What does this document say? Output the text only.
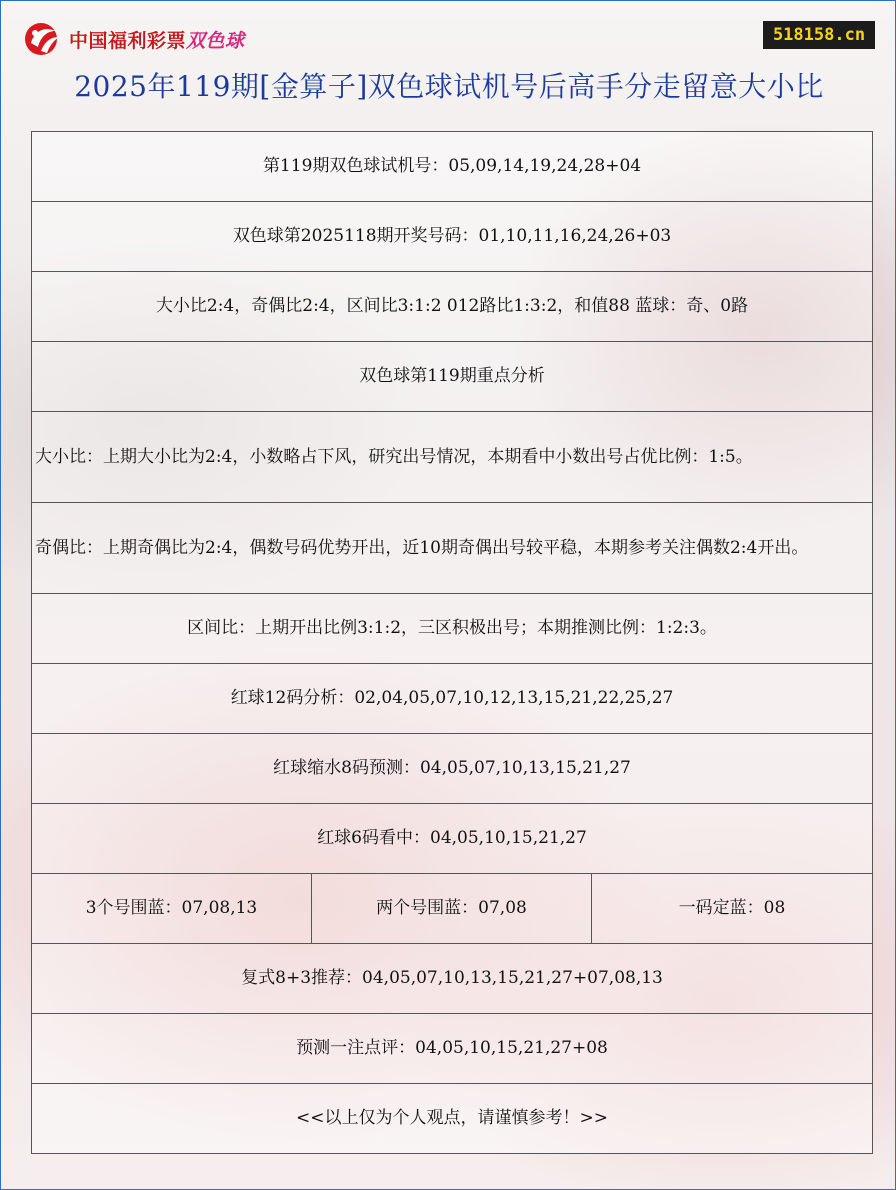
中国福利彩票双色球	518158.cn
2025年119期[金算子]双色球试机号后高手分走留意大小比
第119期双色球试机号：05,09,14,19,24,28+04
双色球第2025118期开奖号码：01,10,11,16,24,26+03
大小比2:4，奇偶比2:4，区间比3:1:2 012路比1:3:2，和值88 蓝球：奇、0路
双色球第119期重点分析
大小比：上期大小比为2:4，小数略占下风，研究出号情况，本期看中小数出号占优比例：1:5。
奇偶比：上期奇偶比为2:4，偶数号码优势开出，近10期奇偶出号较平稳，本期参考关注偶数2:4开出。
区间比：上期开出比例3:1:2，三区积极出号；本期推测比例：1:2:3。
红球12码分析：02,04,05,07,10,12,13,15,21,22,25,27
红球缩水8码预测：04,05,07,10,13,15,21,27
红球6码看中：04,05,10,15,21,27
3个号围蓝：07,08,13	两个号围蓝：07,08	一码定蓝：08
复式8+3推荐：04,05,07,10,13,15,21,27+07,08,13
预测一注点评：04,05,10,15,21,27+08
<<以上仅为个人观点，请谨慎参考！>>
